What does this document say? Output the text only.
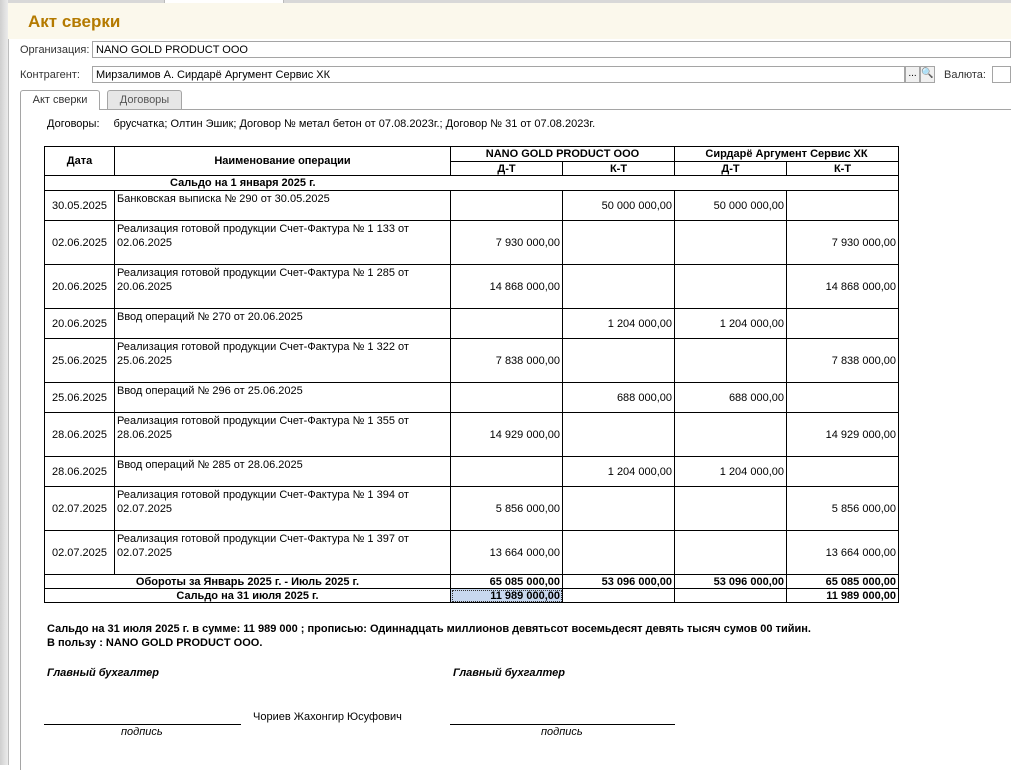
Акт сверки
Организация: NANO GOLD PRODUCT OOO
Контрагент:	Мирзалимов А. Сирдарё Аргумент Сервис ХК	... 🔍 Валюта:
Акт сверки	Договоры
Договоры: брусчатка; Олтин Эшик; Договор № метал бетон от 07.08.2023г.; Договор № 31 от 07.08.2023г.
Дата	Наименование операции	NANO GOLD PRODUCT OOO		Сирдарё Аргумент Сервис ХК	
		Д-Т	К-Т	Д-Т	К-Т
Сальдо на 1 января 2025 г.					
30.05.2025	Банковская выписка № 290 от 30.05.2025		50 000 000,00	50 000 000,00	
02.06.2025	Реализация готовой продукции Счет-Фактура № 1 133 от 02.06.2025	7 930 000,00			7 930 000,00
20.06.2025	Реализация готовой продукции Счет-Фактура № 1 285 от 20.06.2025	14 868 000,00			14 868 000,00
20.06.2025	Ввод операций № 270 от 20.06.2025		1 204 000,00	1 204 000,00	
25.06.2025	Реализация готовой продукции Счет-Фактура № 1 322 от 25.06.2025	7 838 000,00			7 838 000,00
25.06.2025	Ввод операций № 296 от 25.06.2025		688 000,00	688 000,00	
28.06.2025	Реализация готовой продукции Счет-Фактура № 1 355 от 28.06.2025	14 929 000,00			14 929 000,00
28.06.2025	Ввод операций № 285 от 28.06.2025		1 204 000,00	1 204 000,00	
02.07.2025	Реализация готовой продукции Счет-Фактура № 1 394 от 02.07.2025	5 856 000,00			5 856 000,00
02.07.2025	Реализация готовой продукции Счет-Фактура № 1 397 от 02.07.2025	13 664 000,00			13 664 000,00
Обороты за Январь 2025 г. - Июль 2025 г.		65 085 000,00	53 096 000,00	53 096 000,00	65 085 000,00
Сальдо на 31 июля 2025 г.		11 989 000,00			11 989 000,00
Сальдо на 31 июля 2025 г. в сумме: 11 989 000 ; прописью: Одиннадцать миллионов девятьсот восемьдесят девять тысяч сумов 00 тийин.
В пользу : NANO GOLD PRODUCT OOO.
Главный бухгалтер	Главный бухгалтер
Чориев Жахонгир Юсуфович
подпись	подпись
